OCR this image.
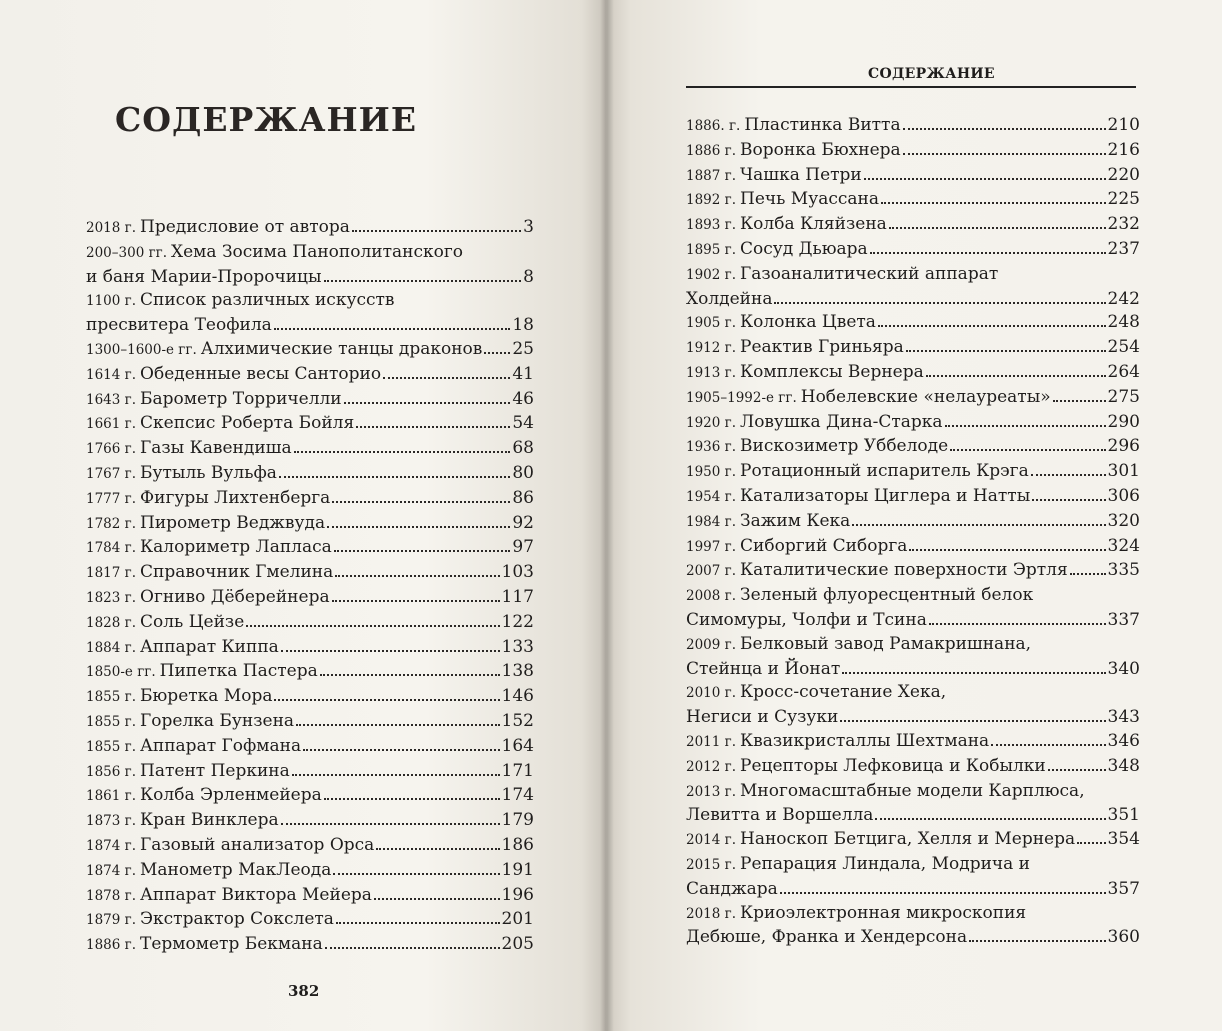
СОДЕРЖАНИЕ
2018 г. Предисловие от автора	3
200–300 гг. Хема Зосима Панополитанского
и баня Марии-Пророчицы	8
1100 г. Список различных искусств
пресвитера Теофила	18
1300–1600-е гг. Алхимические танцы драконов 25
1614 г. Обеденные весы Санторио	41
1643 г. Барометр Торричелли	46
1661 г. Скепсис Роберта Бойля	54
1766 г. Газы Кавендиша	68
1767 г. Бутыль Вульфа	80
1777 г. Фигуры Лихтенберга	86
1782 г. Пирометр Веджвуда	92
1784 г. Калориметр Лапласа	97
1817 г. Справочник Гмелина	103
1823 г. Огниво Дёберейнера	117
1828 г. Соль Цейзе	122
1884 г. Аппарат Киппа	133
1850-е гг. Пипетка Пастера	138
1855 г. Бюретка Мора	146
1855 г. Горелка Бунзена	152
1855 г. Аппарат Гофмана	164
1856 г. Патент Перкина	171
1861 г. Колба Эрленмейера	174
1873 г. Кран Винклера	179
1874 г. Газовый анализатор Орса	186
1874 г. Манометр МакЛеода	191
1878 г. Аппарат Виктора Мейера	196
1879 г. Экстрактор Сокслета	201
1886 г. Термометр Бекмана	205
382
СОДЕРЖАНИЕ
1886. г. Пластинка Витта	210
1886 г. Воронка Бюхнера	216
1887 г. Чашка Петри	220
1892 г. Печь Муассана	225
1893 г. Колба Кляйзена	232
1895 г. Сосуд Дьюара	237
1902 г. Газоаналитический аппарат
Холдейна	242
1905 г. Колонка Цвета	248
1912 г. Реактив Гриньяра	254
1913 г. Комплексы Вернера	264
1905–1992-е гг. Нобелевские «нелауреаты»	275
1920 г. Ловушка Дина-Старка	290
1936 г. Вискозиметр Уббелоде	296
1950 г. Ротационный испаритель Крэга	301
1954 г. Катализаторы Циглера и Натты	306
1984 г. Зажим Кека	320
1997 г. Сиборгий Сиборга	324
2007 г. Каталитические поверхности Эртля 335
2008 г. Зеленый флуоресцентный белок
Симомуры, Чолфи и Тсина	337
2009 г. Белковый завод Рамакришнана,
Стейнца и Йонат	340
2010 г. Кросс-сочетание Хека,
Негиси и Сузуки	343
2011 г. Квазикристаллы Шехтмана	346
2012 г. Рецепторы Лефковица и Кобылки	348
2013 г. Многомасштабные модели Карплюса,
Левитта и Воршелла	351
2014 г. Наноскоп Бетцига, Хелля и Мернера 354
2015 г. Репарация Линдала, Модрича и
Санджара	357
2018 г. Криоэлектронная микроскопия
Дебюше, Франка и Хендерсона	360
